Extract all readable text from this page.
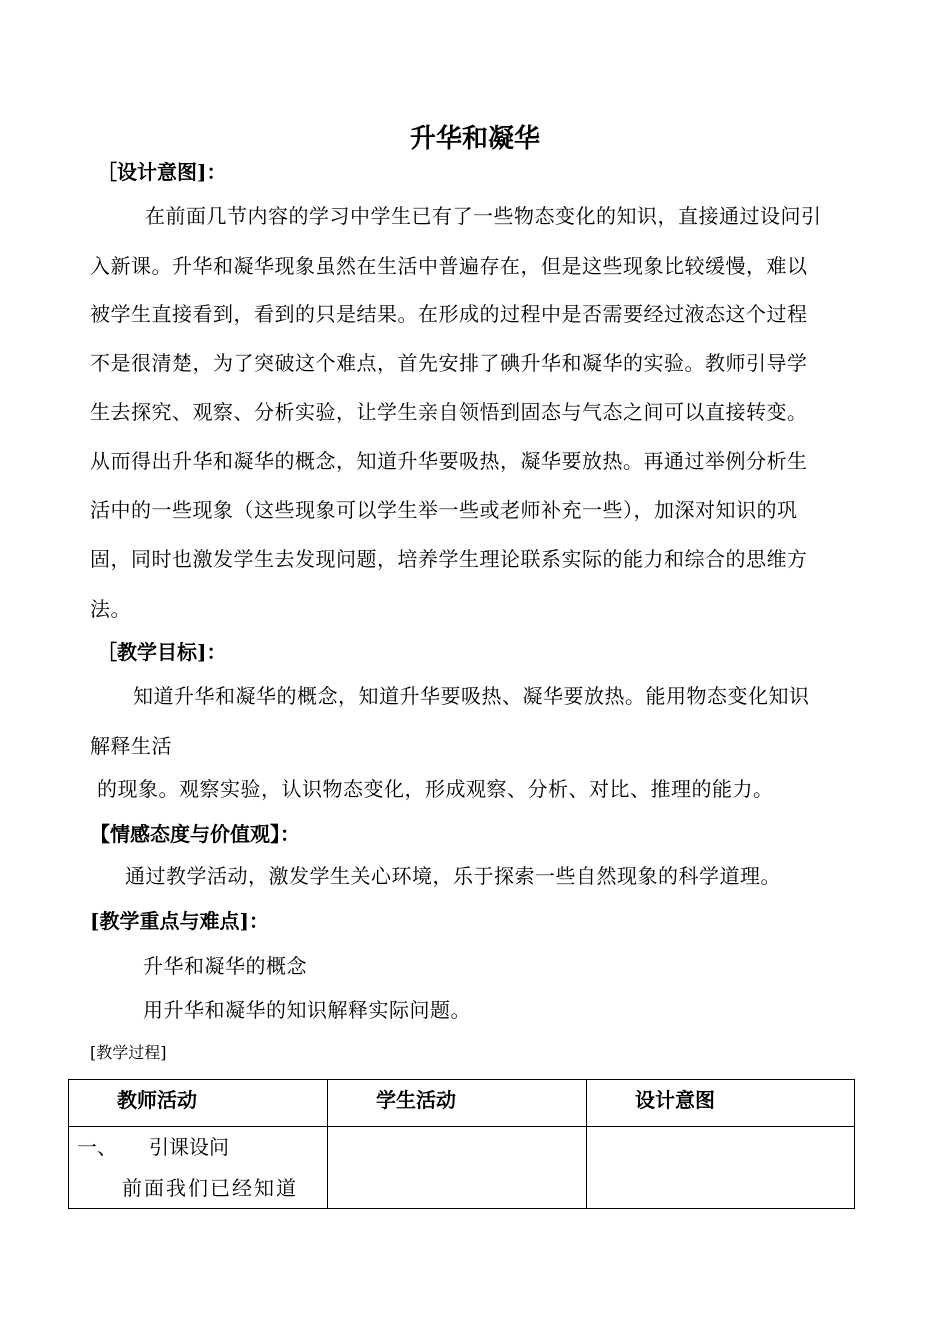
升华和凝华
［设计意图]：
在前面几节内容的学习中学生已有了一些物态变化的知识，直接通过设问引
入新课。升华和凝华现象虽然在生活中普遍存在，但是这些现象比较缓慢，难以
被学生直接看到，看到的只是结果。在形成的过程中是否需要经过液态这个过程
不是很清楚，为了突破这个难点，首先安排了碘升华和凝华的实验。教师引导学
生去探究、观察、分析实验，让学生亲自领悟到固态与气态之间可以直接转变。
从而得出升华和凝华的概念，知道升华要吸热，凝华要放热。再通过举例分析生
活中的一些现象（这些现象可以学生举一些或老师补充一些），加深对知识的巩
固，同时也激发学生去发现问题，培养学生理论联系实际的能力和综合的思维方
法。
［教学目标]：
知道升华和凝华的概念，知道升华要吸热、凝华要放热。能用物态变化知识
解释生活
的现象。观察实验，认识物态变化，形成观察、分析、对比、推理的能力。
【情感态度与价值观】：
通过教学活动，激发学生关心环境，乐于探索一些自然现象的科学道理。
[教学重点与难点]：
升华和凝华的概念
用升华和凝华的知识解释实际问题。
[教学过程]
教师活动	学生活动	设计意图

一、 引课设问
前面我们已经知道		
